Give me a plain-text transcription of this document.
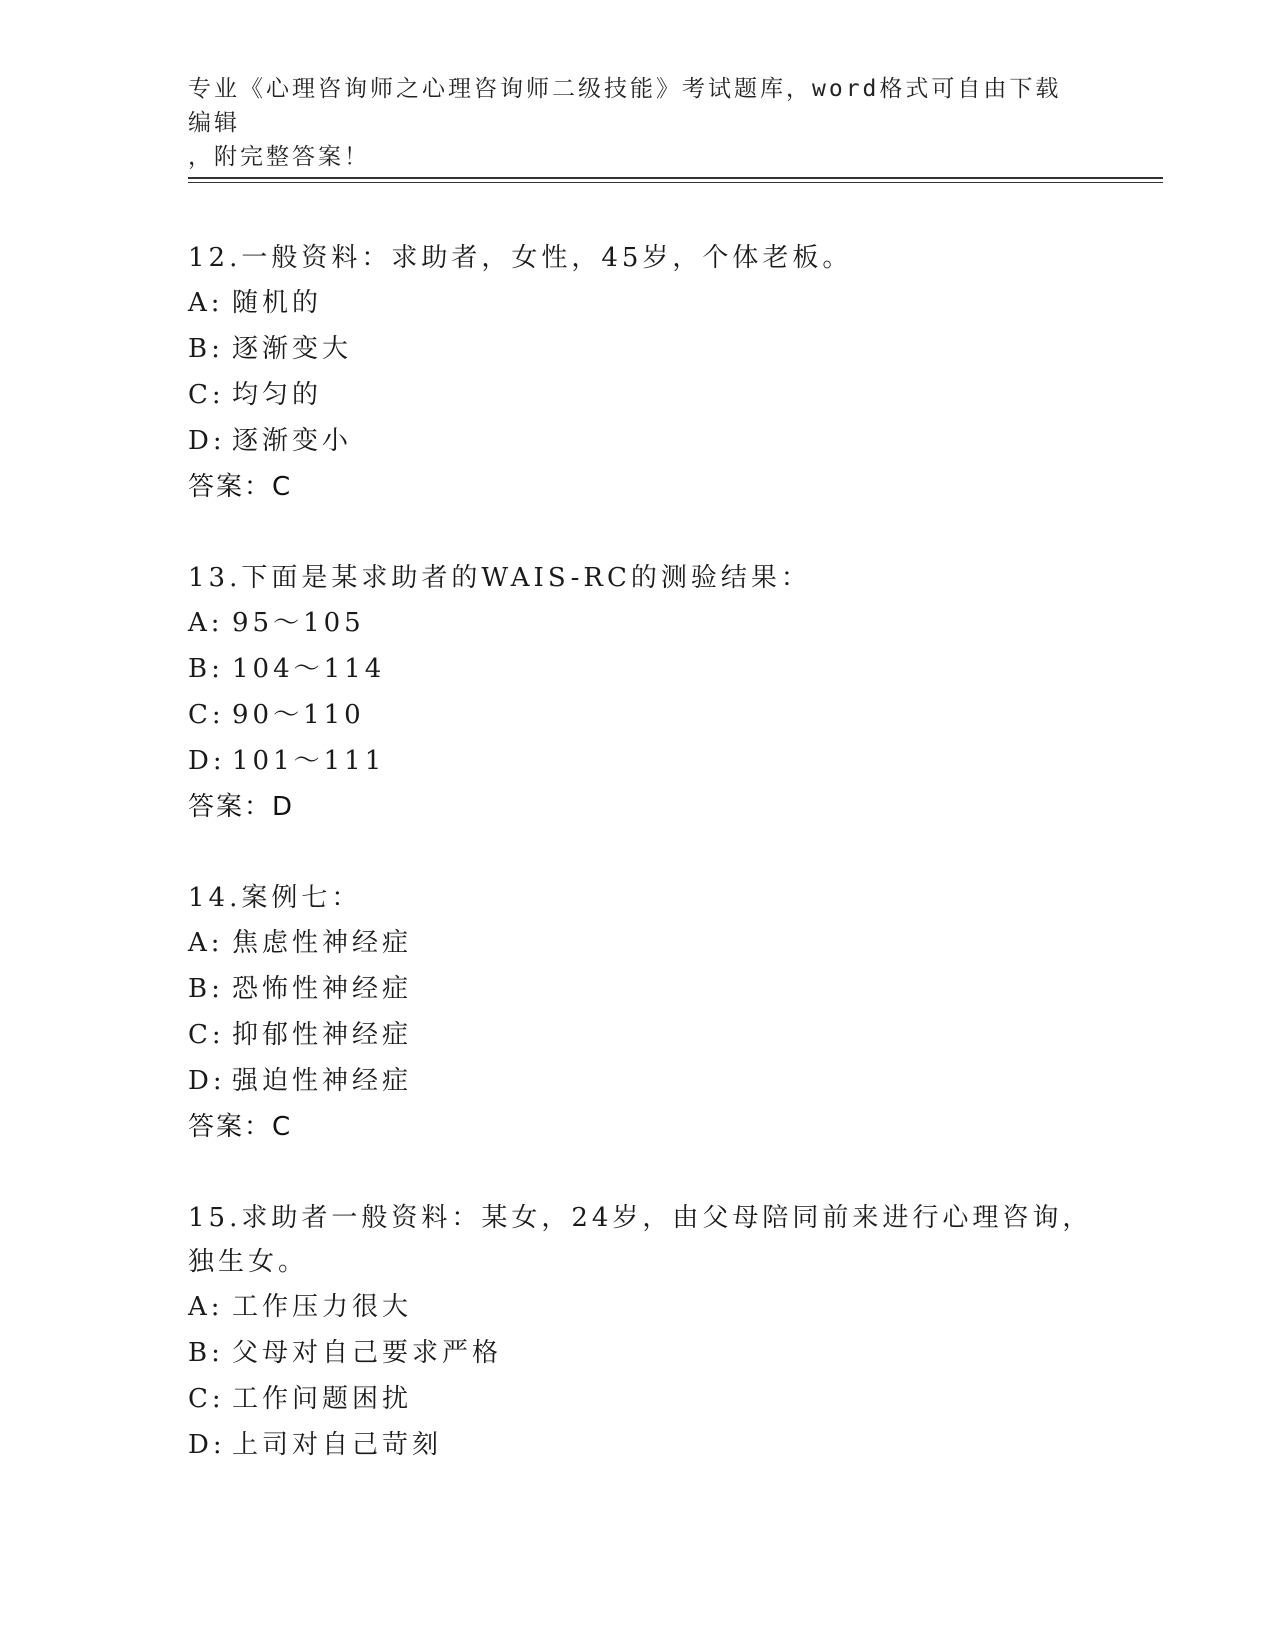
专业《心理咨询师之心理咨询师二级技能》考试题库，word格式可自由下载编辑
，附完整答案！
12.一般资料：求助者，女性，45岁，个体老板。
A: 随机的
B: 逐渐变大
C: 均匀的
D: 逐渐变小
答案：C
13.下面是某求助者的WAIS-RC的测验结果：
A: 95～105
B: 104～114
C: 90～110
D: 101～111
答案：D
14.案例七：
A: 焦虑性神经症
B: 恐怖性神经症
C: 抑郁性神经症
D: 强迫性神经症
答案：C
15.求助者一般资料：某女，24岁，由父母陪同前来进行心理咨询，独生女。
A: 工作压力很大
B: 父母对自己要求严格
C: 工作问题困扰
D: 上司对自己苛刻
